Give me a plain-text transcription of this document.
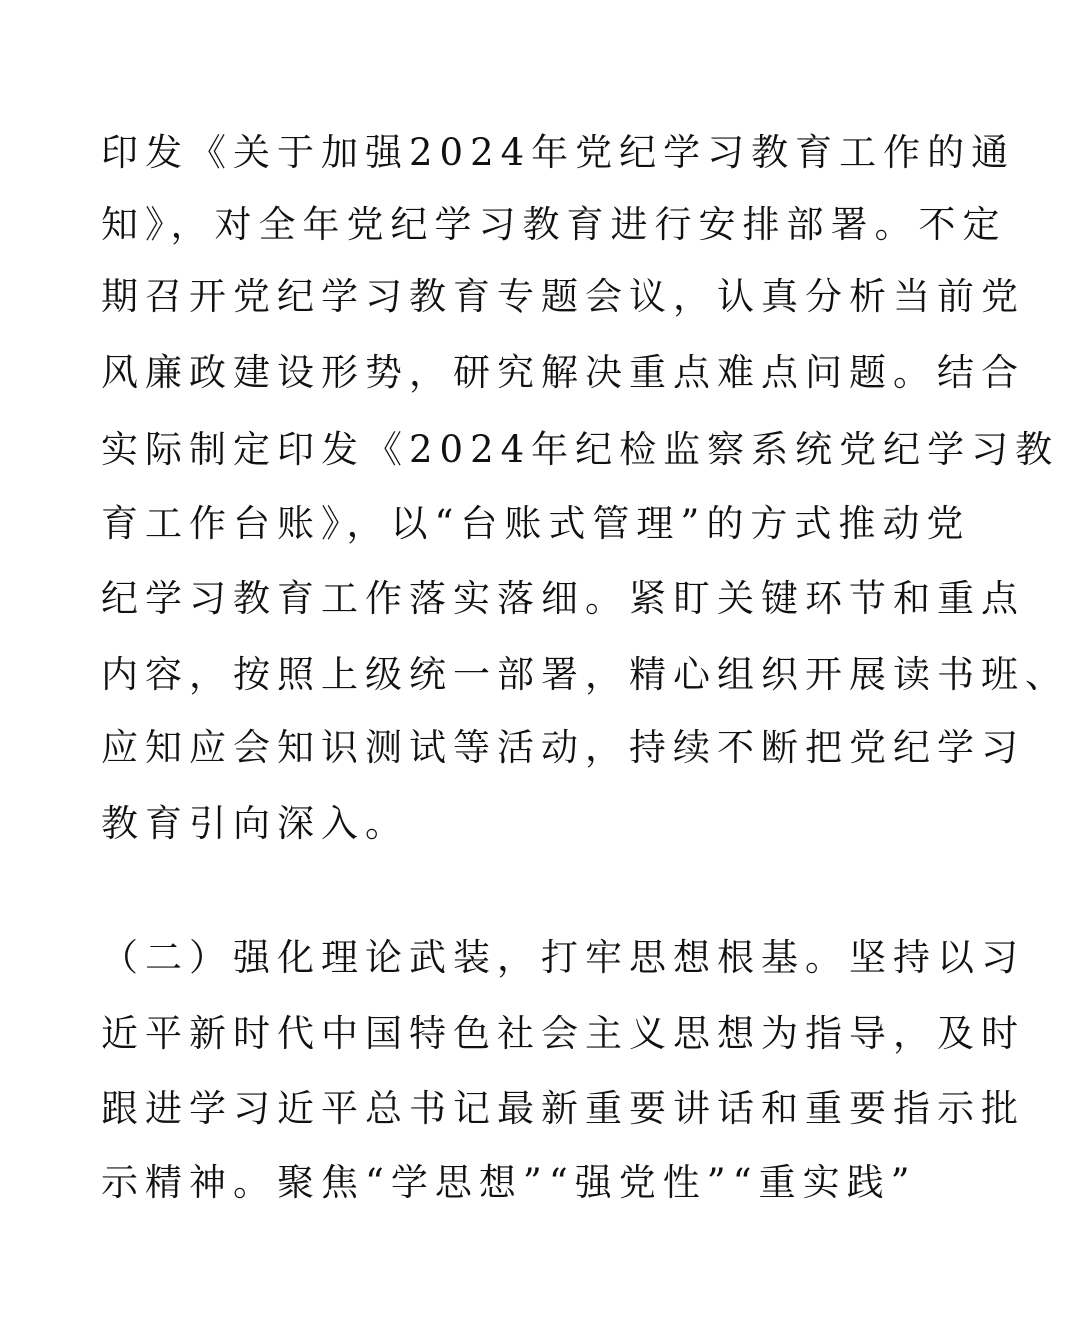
印发《关于加强2024年党纪学习教育工作的通
知》，对全年党纪学习教育进行安排部署。不定
期召开党纪学习教育专题会议，认真分析当前党
风廉政建设形势，研究解决重点难点问题。结合
实际制定印发《2024年纪检监察系统党纪学习教
育工作台账》，以“台账式管理”的方式推动党
纪学习教育工作落实落细。紧盯关键环节和重点
内容，按照上级统一部署，精心组织开展读书班、
应知应会知识测试等活动，持续不断把党纪学习
教育引向深入。
（二）强化理论武装，打牢思想根基。坚持以习
近平新时代中国特色社会主义思想为指导，及时
跟进学习近平总书记最新重要讲话和重要指示批
示精神。聚焦“学思想”“强党性”“重实践”
